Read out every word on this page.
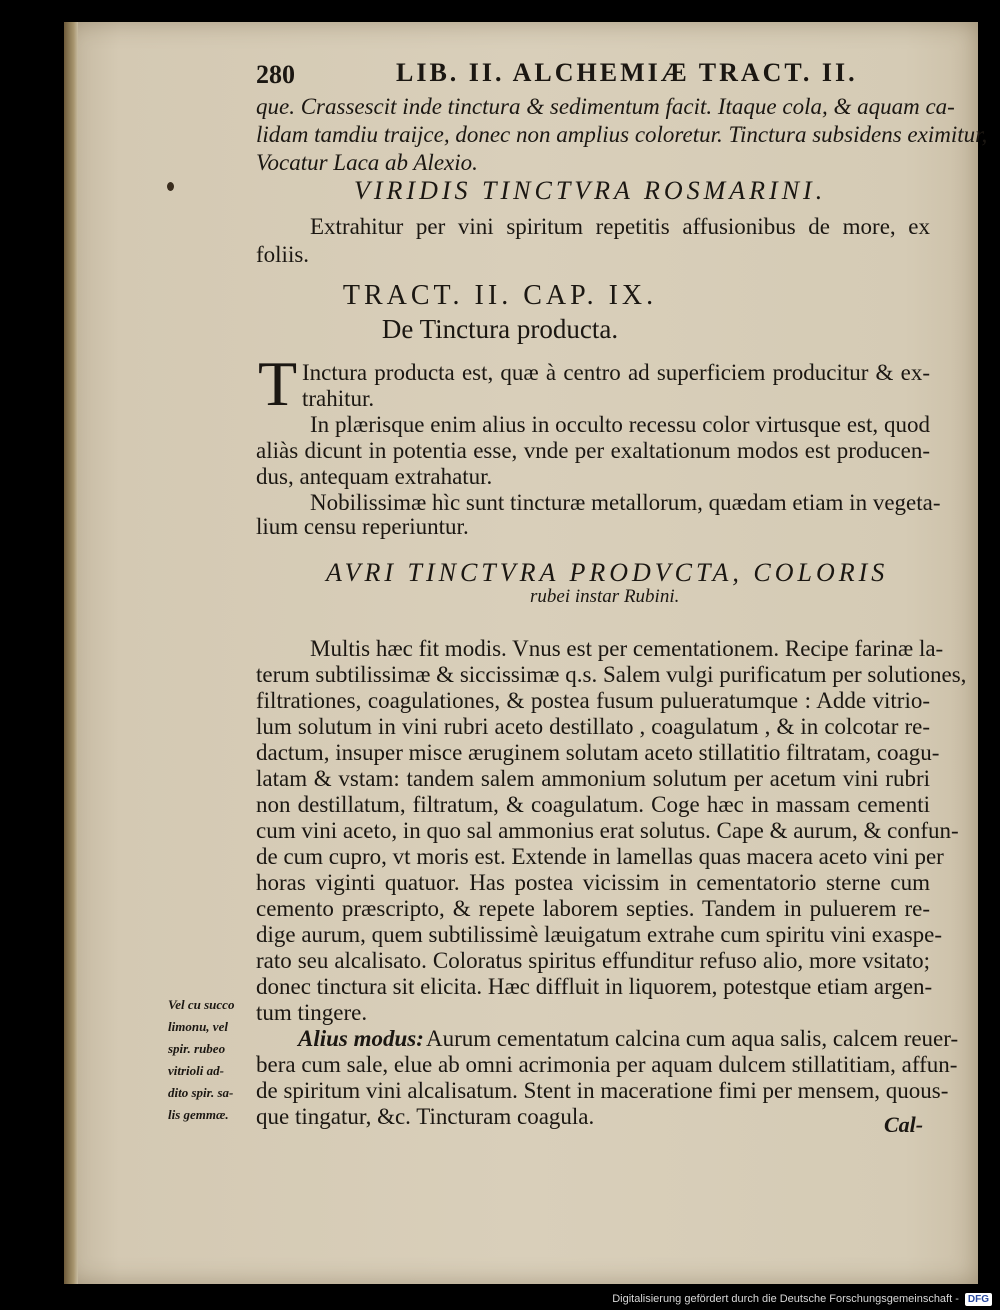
280	LIB. II. ALCHEMIÆ TRACT. II.
que. Crassescit inde tinctura & sedimentum facit. Itaque cola, & aquam ca-
lidam tamdiu traijce, donec non amplius coloretur. Tinctura subsidens eximitur,
Vocatur Laca ab Alexio.
VIRIDIS TINCTVRA ROSMARINI.
Extrahitur per vini spiritum repetitis affusionibus de more, ex
foliis.
TRACT. II. CAP. IX.
De Tinctura producta.
T Inctura producta est, quæ à centro ad superficiem producitur & ex-
trahitur.
In plærisque enim alius in occulto recessu color virtusque est, quod
aliàs dicunt in potentia esse, vnde per exaltationum modos est producen-
dus, antequam extrahatur.
Nobilissimæ hìc sunt tincturæ metallorum, quædam etiam in vegeta-
lium censu reperiuntur.
AVRI TINCTVRA PRODVCTA, COLORIS
rubei instar Rubini.
Multis hæc fit modis. Vnus est per cementationem. Recipe farinæ la-
terum subtilissimæ & siccissimæ q.s. Salem vulgi purificatum per solutiones,
filtrationes, coagulationes, & postea fusum pulueratumque : Adde vitrio-
lum solutum in vini rubri aceto destillato , coagulatum , & in colcotar re-
dactum, insuper misce æruginem solutam aceto stillatitio filtratam, coagu-
latam & vstam: tandem salem ammonium solutum per acetum vini rubri
non destillatum, filtratum, & coagulatum. Coge hæc in massam cementi
cum vini aceto, in quo sal ammonius erat solutus. Cape & aurum, & confun-
de cum cupro, vt moris est. Extende in lamellas quas macera aceto vini per
horas viginti quatuor. Has postea vicissim in cementatorio sterne cum
cemento præscripto, & repete laborem septies. Tandem in puluerem re-
dige aurum, quem subtilissimè læuigatum extrahe cum spiritu vini exaspe-
rato seu alcalisato. Coloratus spiritus effunditur refuso alio, more vsitato;
donec tinctura sit elicita. Hæc diffluit in liquorem, potestque etiam argen-
tum tingere.
Alius modus: Aurum cementatum calcina cum aqua salis, calcem reuer-
bera cum sale, elue ab omni acrimonia per aquam dulcem stillatitiam, affun-
de spiritum vini alcalisatum. Stent in maceratione fimi per mensem, quous-
que tingatur, &c. Tincturam coagula.
Vel cu succo
limonu, vel
spir. rubeo
vitrioli ad-
dito spir. sa-
lis gemmæ.	Cal-
Digitalisierung gefördert durch die Deutsche Forschungsgemeinschaft - DFG
